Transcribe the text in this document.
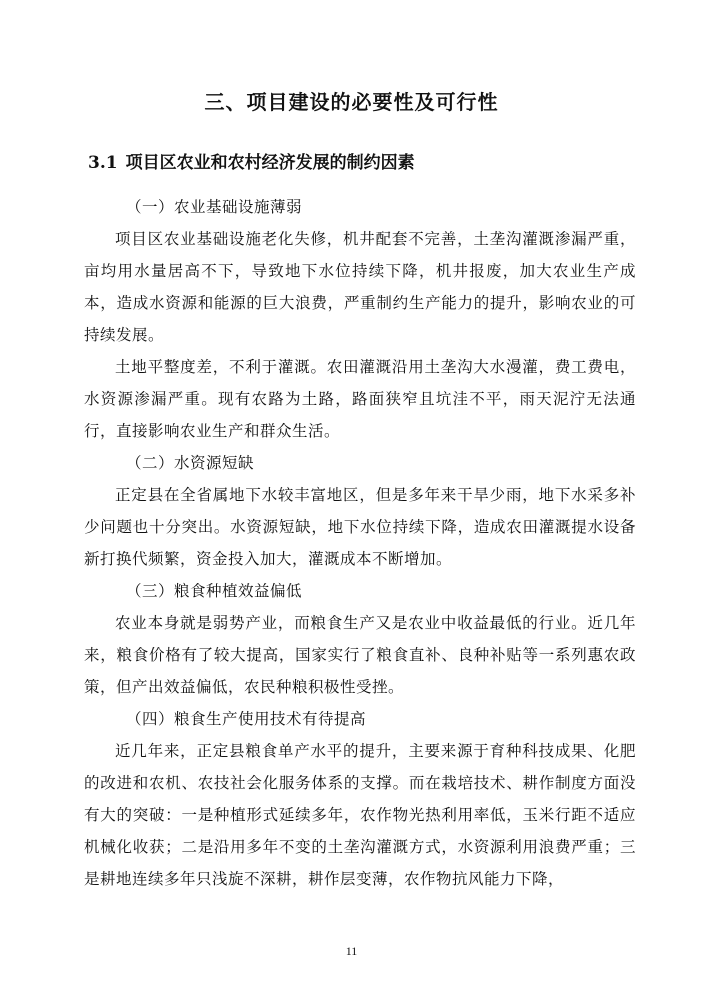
三、项目建设的必要性及可行性
3.1 项目区农业和农村经济发展的制约因素
（一）农业基础设施薄弱

项目区农业基础设施老化失修，机井配套不完善，土垄沟灌溉渗漏严重，亩均用水量居高不下，导致地下水位持续下降，机井报废，加大农业生产成本，造成水资源和能源的巨大浪费，严重制约生产能力的提升，影响农业的可持续发展。

土地平整度差，不利于灌溉。农田灌溉沿用土垄沟大水漫灌，费工费电，水资源渗漏严重。现有农路为土路，路面狭窄且坑洼不平，雨天泥泞无法通行，直接影响农业生产和群众生活。

（二）水资源短缺

正定县在全省属地下水较丰富地区，但是多年来干旱少雨，地下水采多补少问题也十分突出。水资源短缺，地下水位持续下降，造成农田灌溉提水设备新打换代频繁，资金投入加大，灌溉成本不断增加。

（三）粮食种植效益偏低

农业本身就是弱势产业，而粮食生产又是农业中收益最低的行业。近几年来，粮食价格有了较大提高，国家实行了粮食直补、良种补贴等一系列惠农政策，但产出效益偏低，农民种粮积极性受挫。

（四）粮食生产使用技术有待提高

近几年来，正定县粮食单产水平的提升，主要来源于育种科技成果、化肥的改进和农机、农技社会化服务体系的支撑。而在栽培技术、耕作制度方面没有大的突破：一是种植形式延续多年，农作物光热利用率低，玉米行距不适应机械化收获；二是沿用多年不变的土垄沟灌溉方式，水资源利用浪费严重；三是耕地连续多年只浅旋不深耕，耕作层变薄，农作物抗风能力下降，

11
